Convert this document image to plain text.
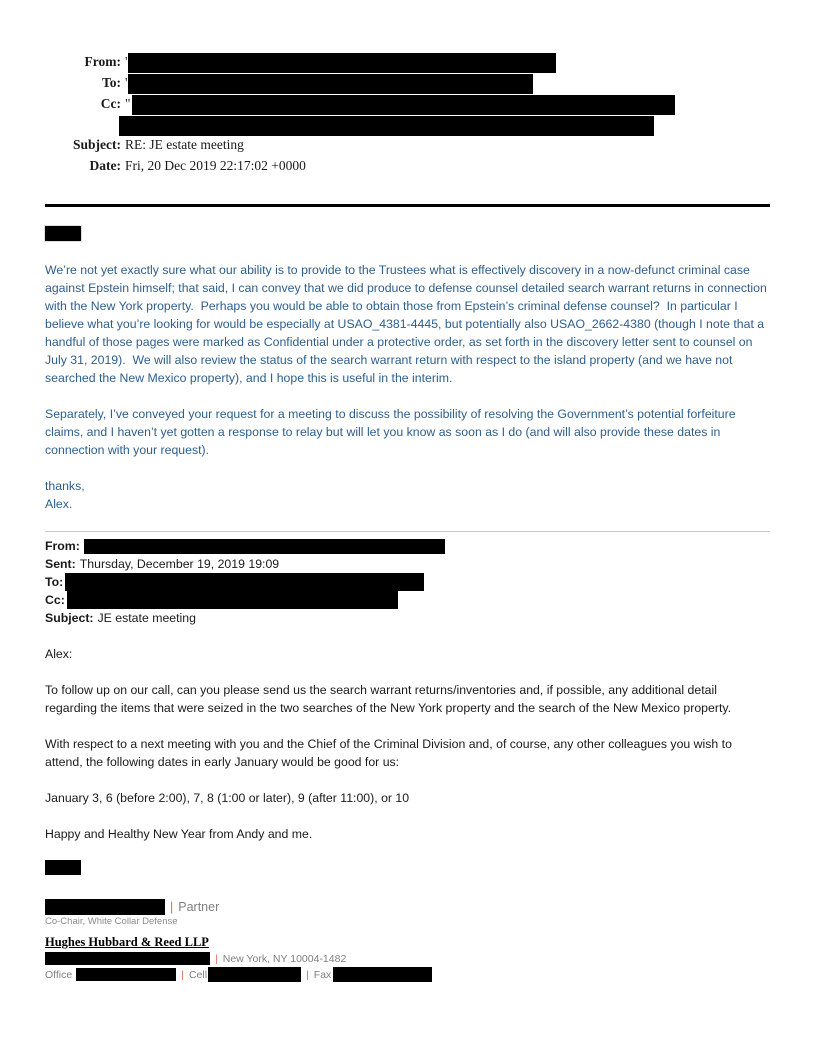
From: '
To: '
Cc: "
Subject: RE: JE estate meeting
Date: Fri, 20 Dec 2019 22:17:02 +0000

We’re not yet exactly sure what our ability is to provide to the Trustees what is effectively discovery in a now-defunct criminal case against Epstein himself; that said, I can convey that we did produce to defense counsel detailed search warrant returns in connection with the New York property.  Perhaps you would be able to obtain those from Epstein’s criminal defense counsel?  In particular I believe what you’re looking for would be especially at USAO_4381-4445, but potentially also USAO_2662-4380 (though I note that a handful of those pages were marked as Confidential under a protective order, as set forth in the discovery letter sent to counsel on July 31, 2019).  We will also review the status of the search warrant return with respect to the island property (and we have not searched the New Mexico property), and I hope this is useful in the interim.

Separately, I’ve conveyed your request for a meeting to discuss the possibility of resolving the Government’s potential forfeiture claims, and I haven’t yet gotten a response to relay but will let you know as soon as I do (and will also provide these dates in connection with your request).

thanks,
Alex.
From:
Sent: Thursday, December 19, 2019 19:09
To:
Cc:
Subject: JE estate meeting

Alex:

To follow up on our call, can you please send us the search warrant returns/inventories and, if possible, any additional detail regarding the items that were seized in the two searches of the New York property and the search of the New Mexico property.

With respect to a next meeting with you and the Chief of the Criminal Division and, of course, any other colleagues you wish to attend, the following dates in early January would be good for us:

January 3, 6 (before 2:00), 7, 8 (1:00 or later), 9 (after 11:00), or 10

Happy and Healthy New Year from Andy and me.

| Partner
Co-Chair, White Collar Defense
Hughes Hubbard & Reed LLP
| New York, NY 10004-1482
Office	| Cell	| Fax
